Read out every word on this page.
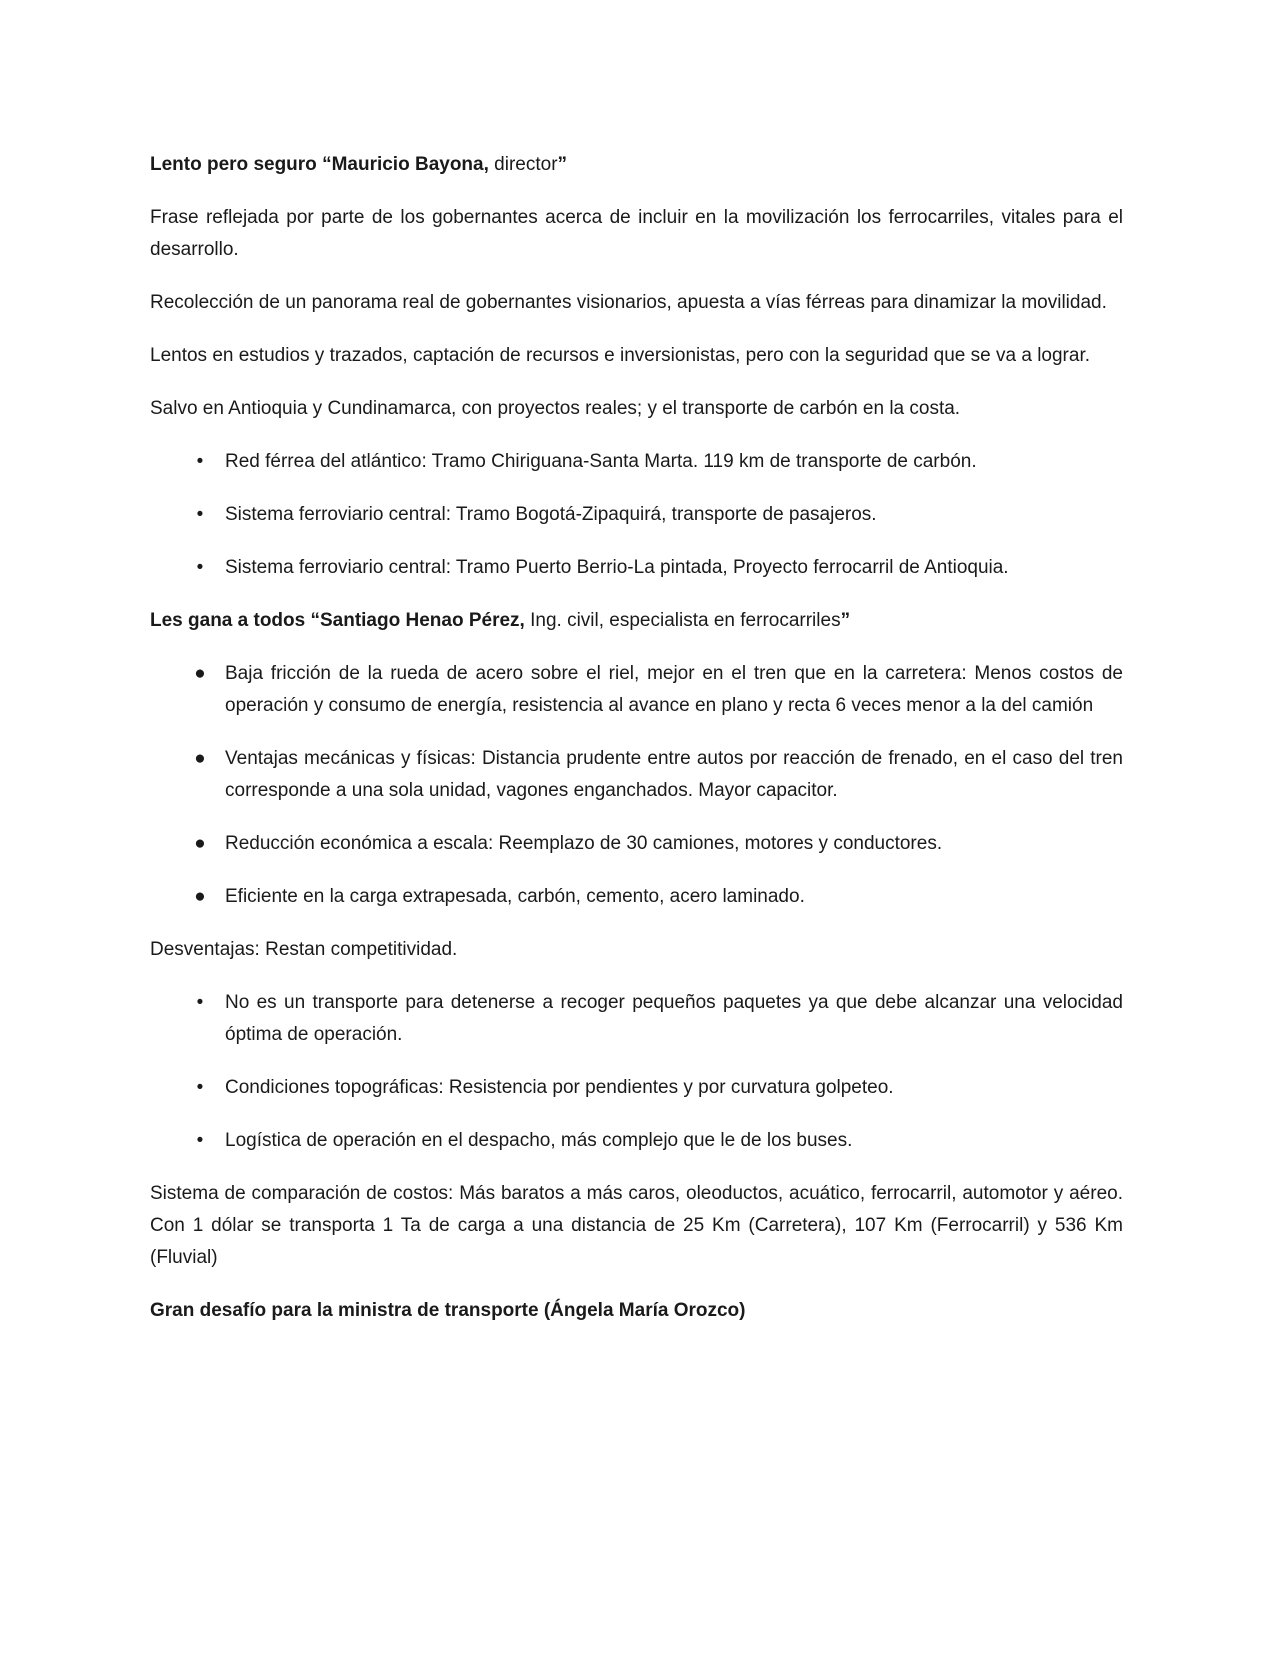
Lento pero seguro “Mauricio Bayona, director”

Frase reflejada por parte de los gobernantes acerca de incluir en la movilización los ferrocarriles, vitales para el desarrollo.

Recolección de un panorama real de gobernantes visionarios, apuesta a vías férreas para dinamizar la movilidad.

Lentos en estudios y trazados, captación de recursos e inversionistas, pero con la seguridad que se va a lograr.

Salvo en Antioquia y Cundinamarca, con proyectos reales; y el transporte de carbón en la costa.

•	Red férrea del atlántico: Tramo Chiriguana-Santa Marta. 119 km de transporte de carbón.
•	Sistema ferroviario central: Tramo Bogotá-Zipaquirá, transporte de pasajeros.
•	Sistema ferroviario central: Tramo Puerto Berrio-La pintada, Proyecto ferrocarril de Antioquia.

Les gana a todos “Santiago Henao Pérez, Ing. civil, especialista en ferrocarriles”

● Baja fricción de la rueda de acero sobre el riel, mejor en el tren que en la carretera: Menos costos de operación y consumo de energía, resistencia al avance en plano y recta 6 veces menor a la del camión
● Ventajas mecánicas y físicas: Distancia prudente entre autos por reacción de frenado, en el caso del tren corresponde a una sola unidad, vagones enganchados. Mayor capacitor.
● Reducción económica a escala: Reemplazo de 30 camiones, motores y conductores.
● Eficiente en la carga extrapesada, carbón, cemento, acero laminado.

Desventajas: Restan competitividad.

•	No es un transporte para detenerse a recoger pequeños paquetes ya que debe alcanzar una velocidad óptima de operación.
•	Condiciones topográficas: Resistencia por pendientes y por curvatura golpeteo.
•	Logística de operación en el despacho, más complejo que le de los buses.

Sistema de comparación de costos: Más baratos a más caros, oleoductos, acuático, ferrocarril, automotor y aéreo. Con 1 dólar se transporta 1 Ta de carga a una distancia de 25 Km (Carretera), 107 Km (Ferrocarril) y 536 Km (Fluvial)

Gran desafío para la ministra de transporte (Ángela María Orozco)
